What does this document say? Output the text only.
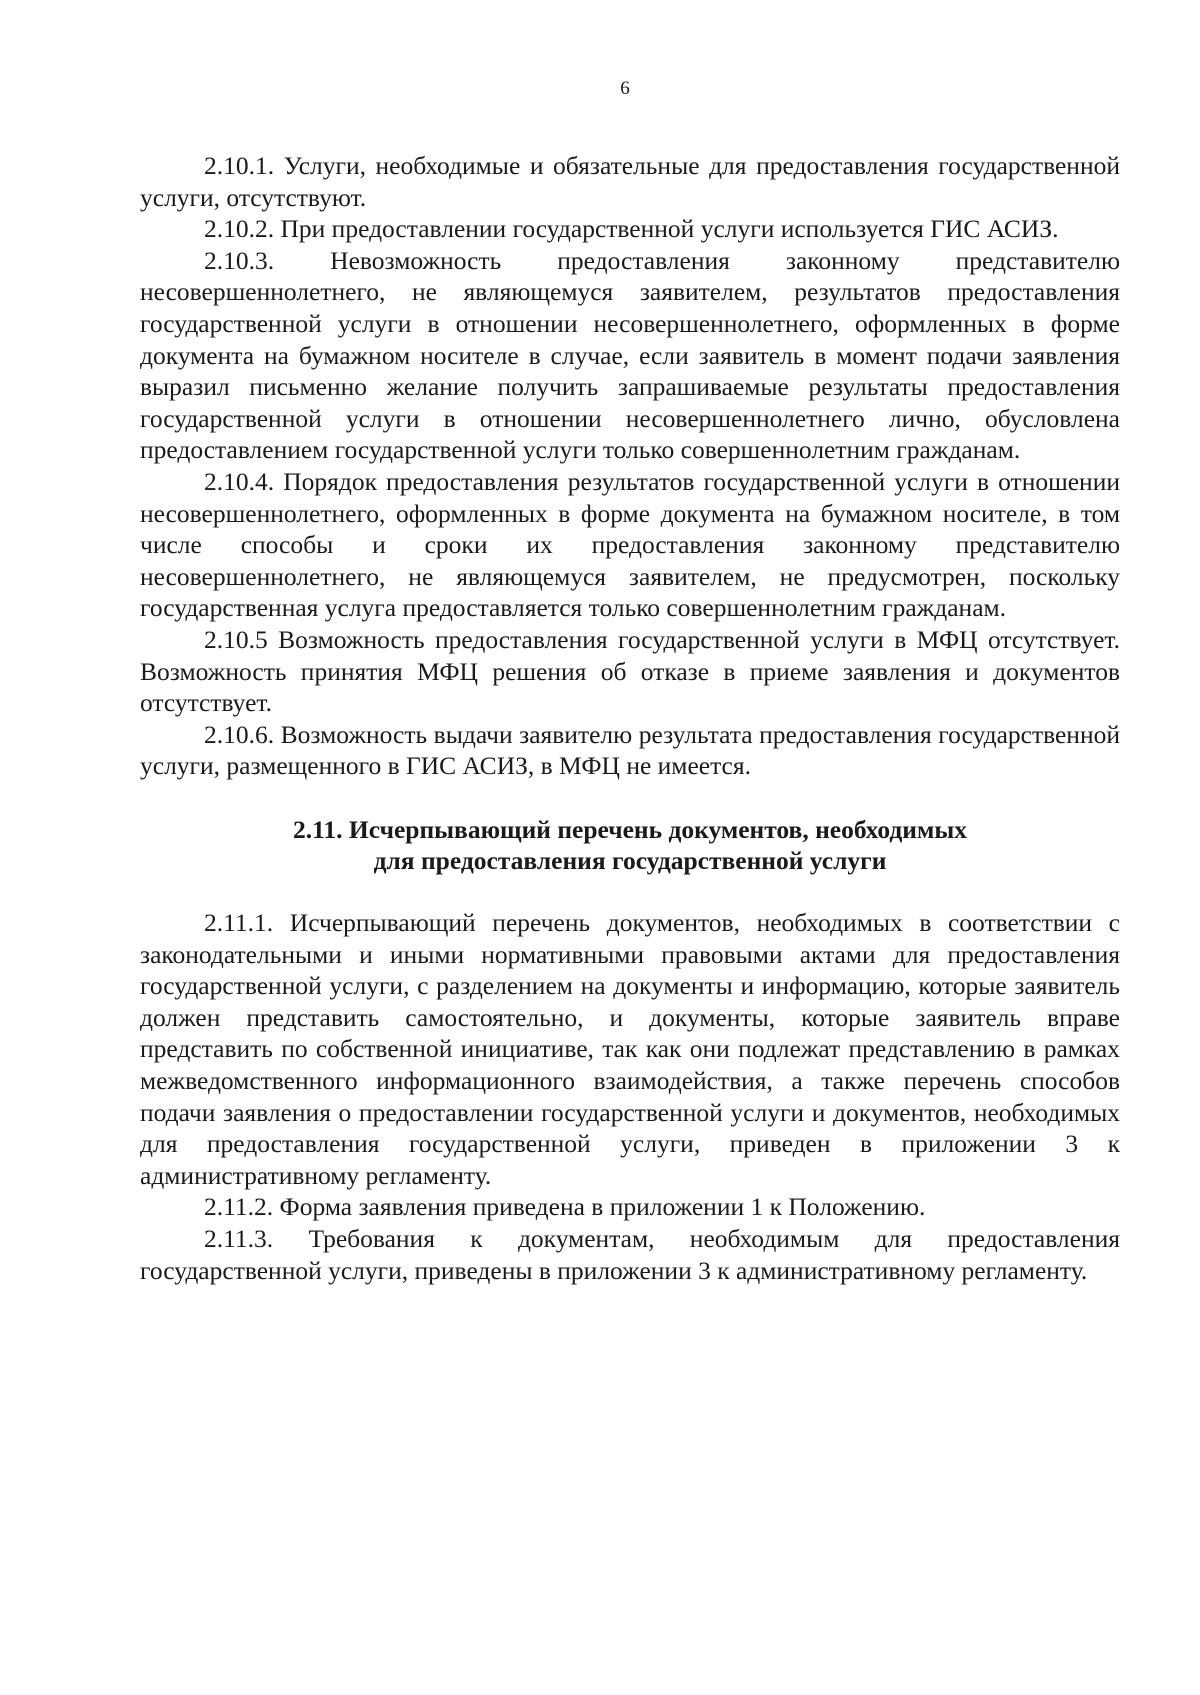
6

2.10.1. Услуги, необходимые и обязательные для предоставления государственной услуги, отсутствуют.

2.10.2. При предоставлении государственной услуги используется ГИС АСИЗ.

2.10.3. Невозможность предоставления законному представителю несовершеннолетнего, не являющемуся заявителем, результатов предоставления государственной услуги в отношении несовершеннолетнего, оформленных в форме документа на бумажном носителе в случае, если заявитель в момент подачи заявления выразил письменно желание получить запрашиваемые результаты предоставления государственной услуги в отношении несовершеннолетнего лично, обусловлена предоставлением государственной услуги только совершеннолетним гражданам.

2.10.4. Порядок предоставления результатов государственной услуги в отношении несовершеннолетнего, оформленных в форме документа на бумажном носителе, в том числе способы и сроки их предоставления законному представителю несовершеннолетнего, не являющемуся заявителем, не предусмотрен, поскольку государственная услуга предоставляется только совершеннолетним гражданам.

2.10.5 Возможность предоставления государственной услуги в МФЦ отсутствует. Возможность принятия МФЦ решения об отказе в приеме заявления и документов отсутствует.

2.10.6. Возможность выдачи заявителю результата предоставления государственной услуги, размещенного в ГИС АСИЗ, в МФЦ не имеется.

2.11. Исчерпывающий перечень документов, необходимых
для предоставления государственной услуги

2.11.1. Исчерпывающий перечень документов, необходимых в соответствии с законодательными и иными нормативными правовыми актами для предоставления государственной услуги, с разделением на документы и информацию, которые заявитель должен представить самостоятельно, и документы, которые заявитель вправе представить по собственной инициативе, так как они подлежат представлению в рамках межведомственного информационного взаимодействия, а также перечень способов подачи заявления о предоставлении государственной услуги и документов, необходимых для предоставления государственной услуги, приведен в приложении 3 к административному регламенту.

2.11.2. Форма заявления приведена в приложении 1 к Положению.

2.11.3. Требования к документам, необходимым для предоставления государственной услуги, приведены в приложении 3 к административному регламенту.
